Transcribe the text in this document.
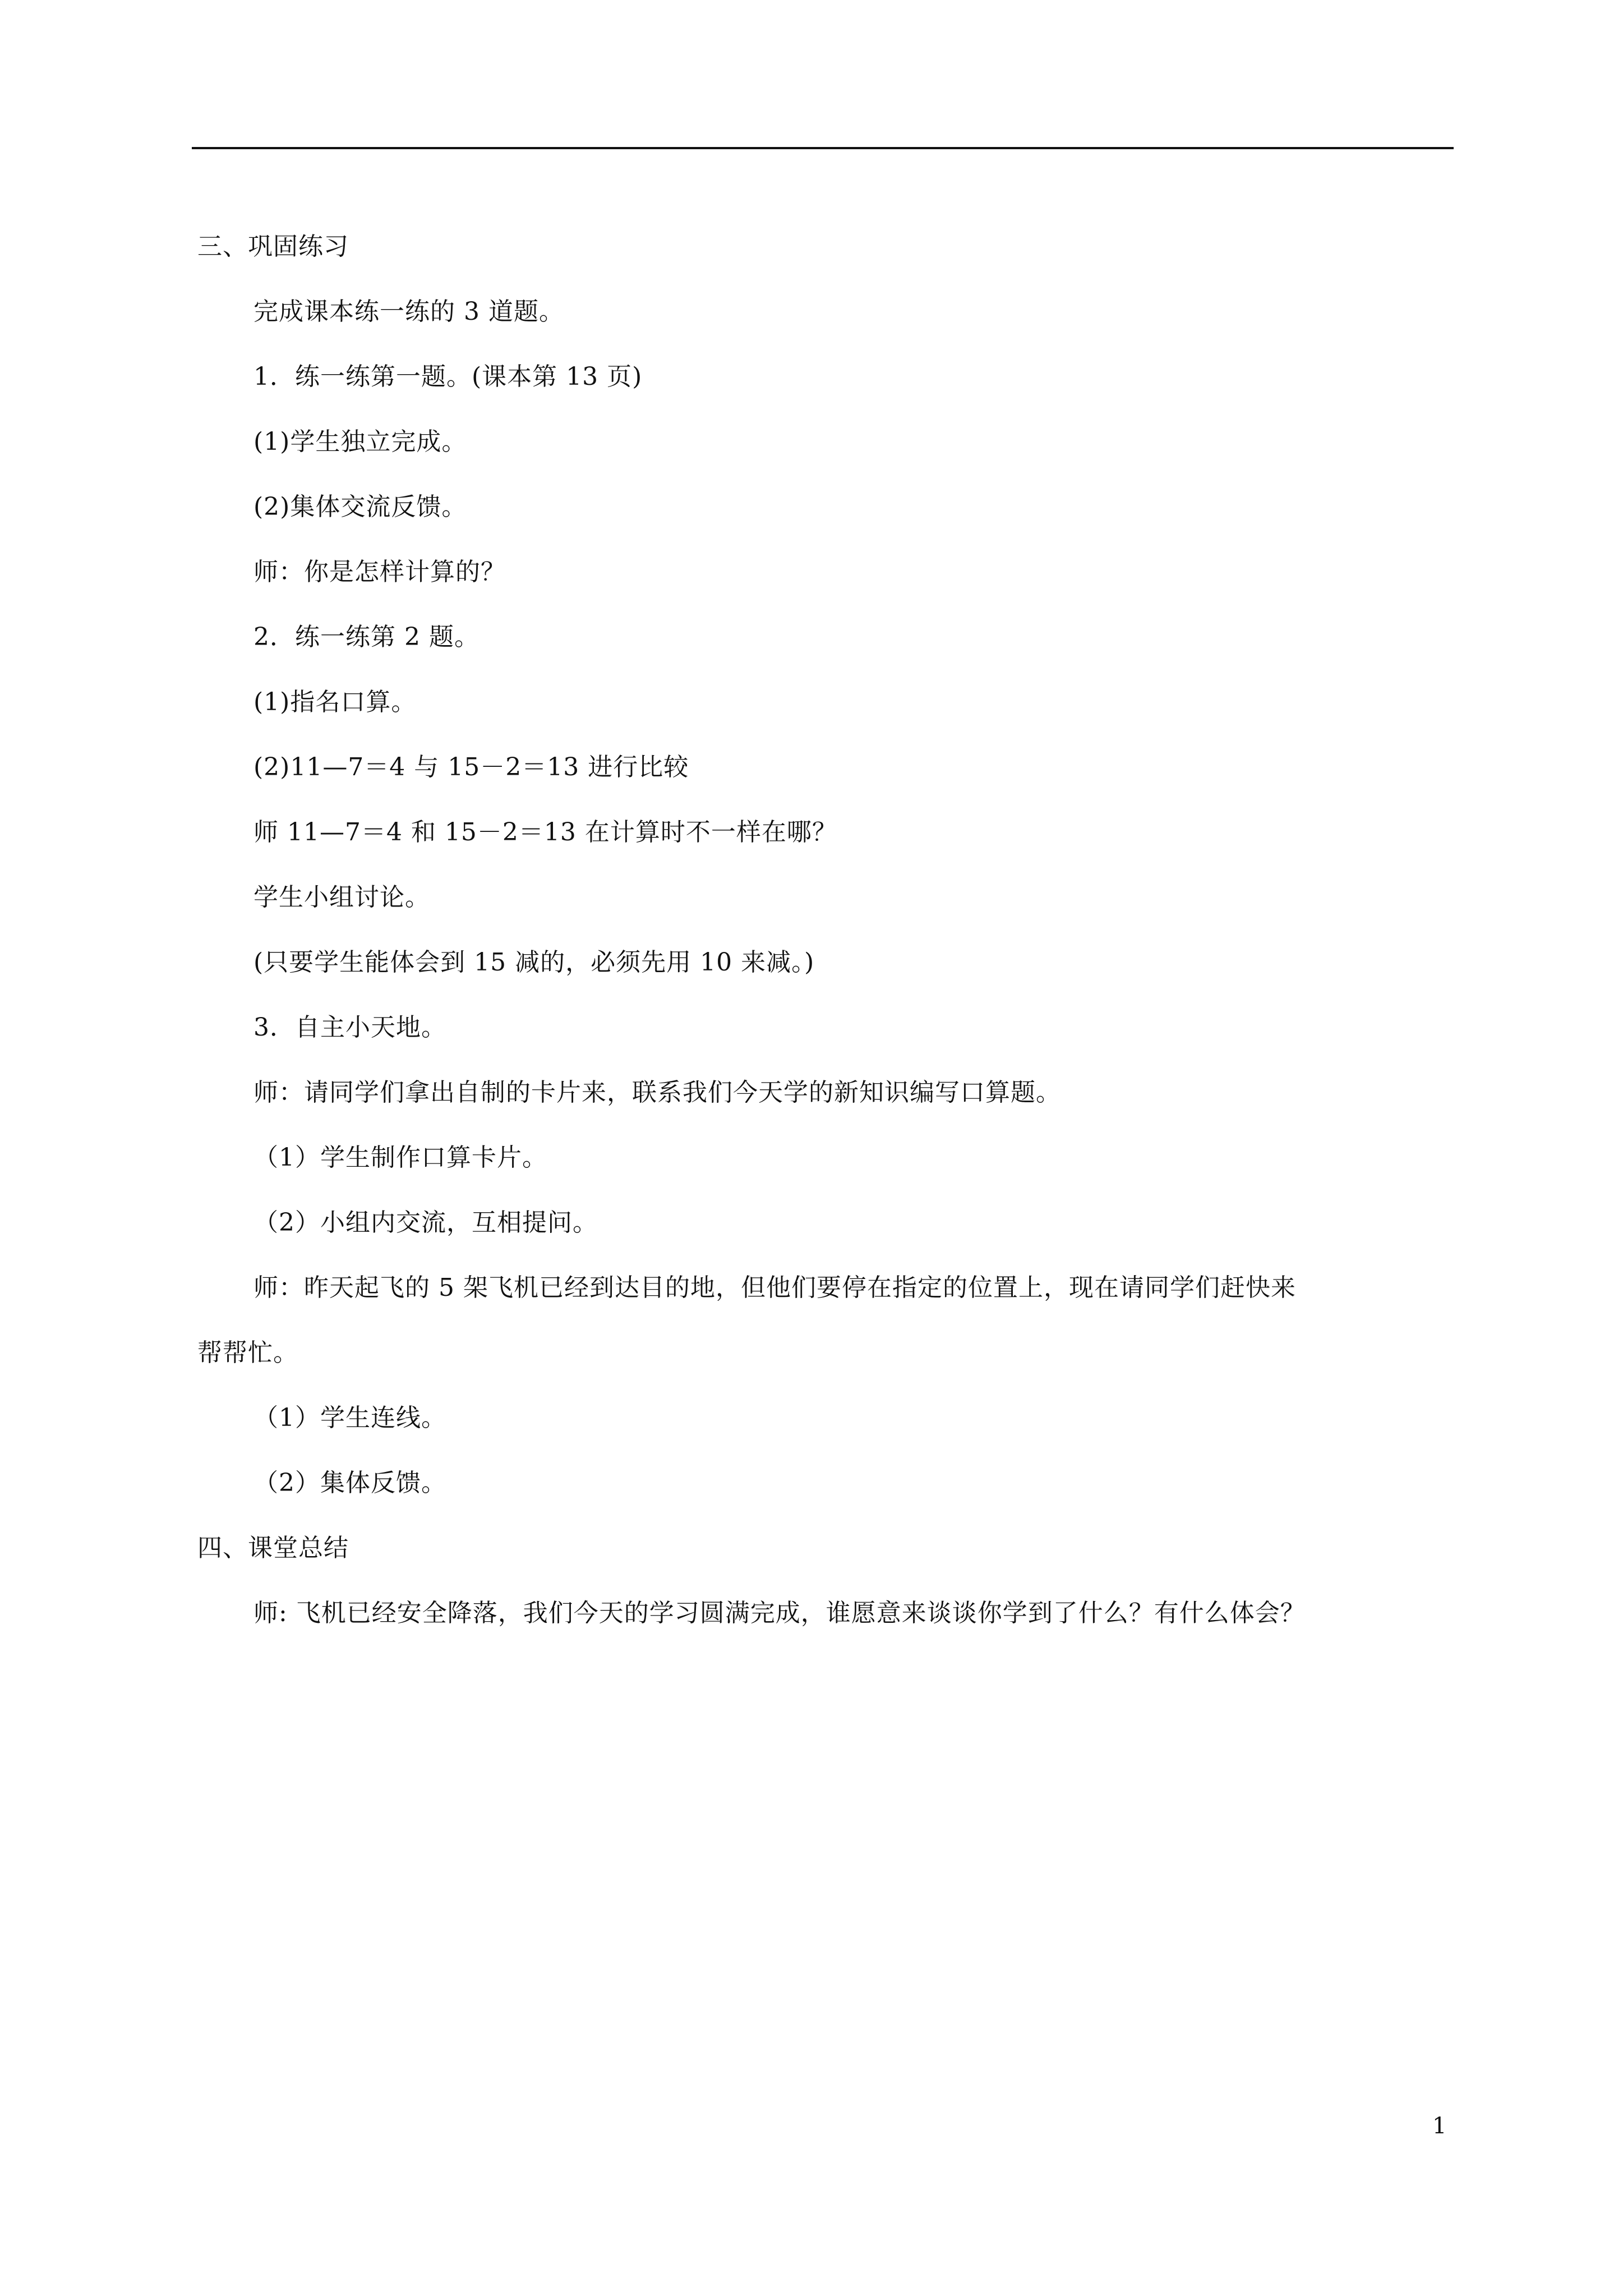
三、巩固练习
完成课本练一练的 3 道题。
1．练一练第一题。(课本第 13 页)
(1)学生独立完成。
(2)集体交流反馈。
师：你是怎样计算的？
2．练一练第 2 题。
(1)指名口算。
(2)11—7＝4 与 15－2＝13 进行比较
师 11—7＝4 和 15－2＝13 在计算时不一样在哪？
学生小组讨论。
(只要学生能体会到 15 减的，必须先用 10 来减。)
3．自主小天地。
师：请同学们拿出自制的卡片来，联系我们今天学的新知识编写口算题。
（1）学生制作口算卡片。
（2）小组内交流，互相提问。
师：昨天起飞的 5 架飞机已经到达目的地，但他们要停在指定的位置上，现在请同学们赶快来
帮帮忙。
（1）学生连线。
（2）集体反馈。
四、课堂总结
师: 飞机已经安全降落，我们今天的学习圆满完成，谁愿意来谈谈你学到了什么？有什么体会？
1
